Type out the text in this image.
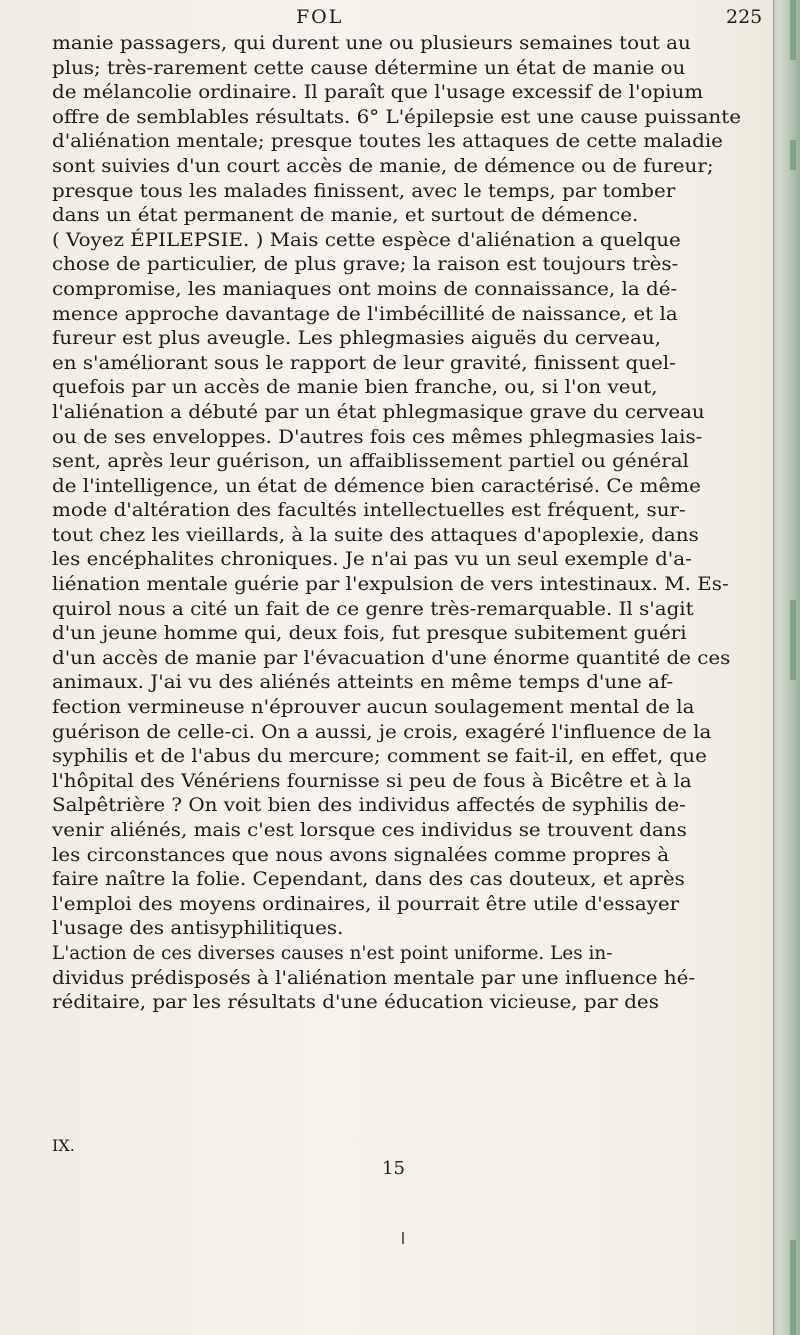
FOL	225
manie passagers, qui durent une ou plusieurs semaines tout au
plus; très-rarement cette cause détermine un état de manie ou
de mélancolie ordinaire. Il paraît que l'usage excessif de l'opium
offre de semblables résultats. 6° L'épilepsie est une cause puissante
d'aliénation mentale; presque toutes les attaques de cette maladie
sont suivies d'un court accès de manie, de démence ou de fureur;
presque tous les malades finissent, avec le temps, par tomber
dans un état permanent de manie, et surtout de démence.
( Voyez ÉPILEPSIE. ) Mais cette espèce d'aliénation a quelque
chose de particulier, de plus grave; la raison est toujours très-
compromise, les maniaques ont moins de connaissance, la dé-
mence approche davantage de l'imbécillité de naissance, et la
fureur est plus aveugle. Les phlegmasies aiguës du cerveau,
en s'améliorant sous le rapport de leur gravité, finissent quel-
quefois par un accès de manie bien franche, ou, si l'on veut,
l'aliénation a débuté par un état phlegmasique grave du cerveau
ou de ses enveloppes. D'autres fois ces mêmes phlegmasies lais-
sent, après leur guérison, un affaiblissement partiel ou général
de l'intelligence, un état de démence bien caractérisé. Ce même
mode d'altération des facultés intellectuelles est fréquent, sur-
tout chez les vieillards, à la suite des attaques d'apoplexie, dans
les encéphalites chroniques. Je n'ai pas vu un seul exemple d'a-
liénation mentale guérie par l'expulsion de vers intestinaux. M. Es-
quirol nous a cité un fait de ce genre très-remarquable. Il s'agit
d'un jeune homme qui, deux fois, fut presque subitement guéri
d'un accès de manie par l'évacuation d'une énorme quantité de ces
animaux. J'ai vu des aliénés atteints en même temps d'une af-
fection vermineuse n'éprouver aucun soulagement mental de la
guérison de celle-ci. On a aussi, je crois, exagéré l'influence de la
syphilis et de l'abus du mercure; comment se fait-il, en effet, que
l'hôpital des Vénériens fournisse si peu de fous à Bicêtre et à la
Salpêtrière ? On voit bien des individus affectés de syphilis de-
venir aliénés, mais c'est lorsque ces individus se trouvent dans
les circonstances que nous avons signalées comme propres à
faire naître la folie. Cependant, dans des cas douteux, et après
l'emploi des moyens ordinaires, il pourrait être utile d'essayer
l'usage des antisyphilitiques.
L'action de ces diverses causes n'est point uniforme. Les in-
dividus prédisposés à l'aliénation mentale par une influence hé-
réditaire, par les résultats d'une éducation vicieuse, par des
IX.
15
